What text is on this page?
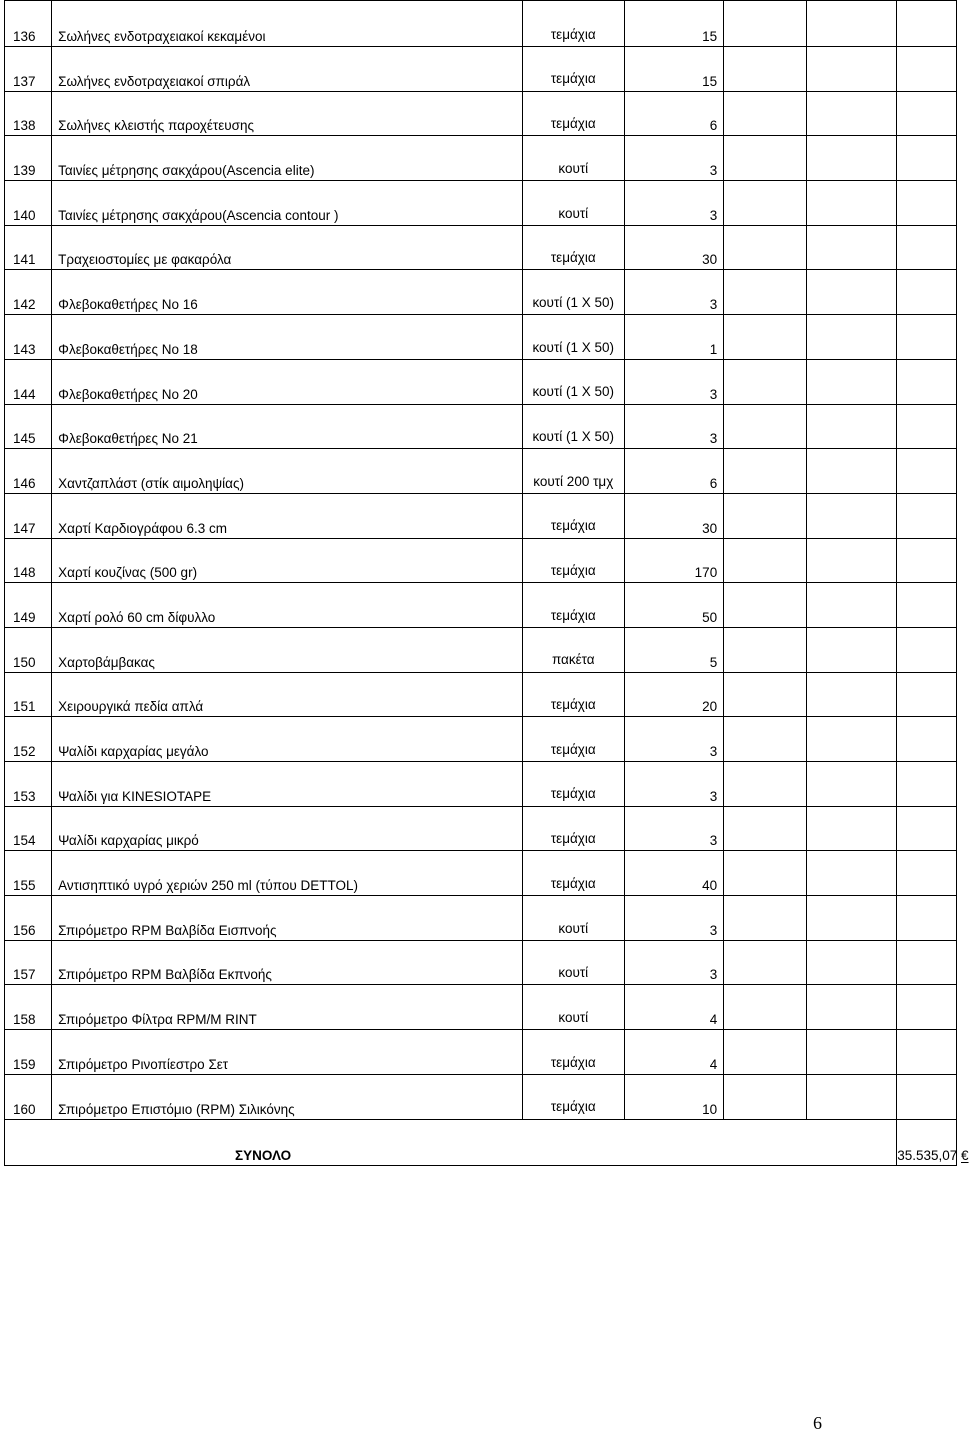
136	Σωλήνες ενδοτραχειακοί κεκαμένοι	τεμάχια	15			
137	Σωλήνες ενδοτραχειακοί σπιράλ	τεμάχια	15			
138	Σωλήνες κλειστής παροχέτευσης	τεμάχια	6			
139	Ταινίες μέτρησης σακχάρου(Ascencia elite)	κουτί	3			
140	Ταινίες μέτρησης σακχάρου(Ascencia contour )	κουτί	3			
141	Τραχειοστομίες με φακαρόλα	τεμάχια	30			
142	Φλεβοκαθετήρες Νο 16	κουτί (1 Χ 50)	3			
143	Φλεβοκαθετήρες Νο 18	κουτί (1 Χ 50)	1			
144	Φλεβοκαθετήρες Νο 20	κουτί (1 Χ 50)	3			
145	Φλεβοκαθετήρες Νο 21	κουτί (1 Χ 50)	3			
146	Χαντζαπλάστ (στίκ αιμοληψίας)	κουτί 200 τμχ	6			
147	Χαρτί Καρδιογράφου 6.3 cm	τεμάχια	30			
148	Χαρτί κουζίνας (500 gr)	τεμάχια	170			
149	Χαρτί ρολό 60 cm δίφυλλο	τεμάχια	50			
150	Χαρτοβάμβακας	πακέτα	5			
151	Χειρουργικά πεδία απλά	τεμάχια	20			
152	Ψαλίδι καρχαρίας μεγάλο	τεμάχια	3			
153	Ψαλίδι για KINESIOTAPE	τεμάχια	3			
154	Ψαλίδι καρχαρίας μικρό	τεμάχια	3			
155	Αντισηπτικό υγρό χεριών 250 ml (τύπου DETTOL)	τεμάχια	40			
156	Σπιρόμετρο RPM Βαλβίδα Εισπνοής	κουτί	3			
157	Σπιρόμετρο RPM Βαλβίδα Εκπνοής	κουτί	3			
158	Σπιρόμετρο Φίλτρα RPM/M RINT	κουτί	4			
159	Σπιρόμετρο Ρινοπίεστρο Σετ	τεμάχια	4			
160	Σπιρόμετρο Επιστόμιο (RPM) Σιλικόνης	τεμάχια	10			
ΣΥΝΟΛΟ						35.535,07 €
6
